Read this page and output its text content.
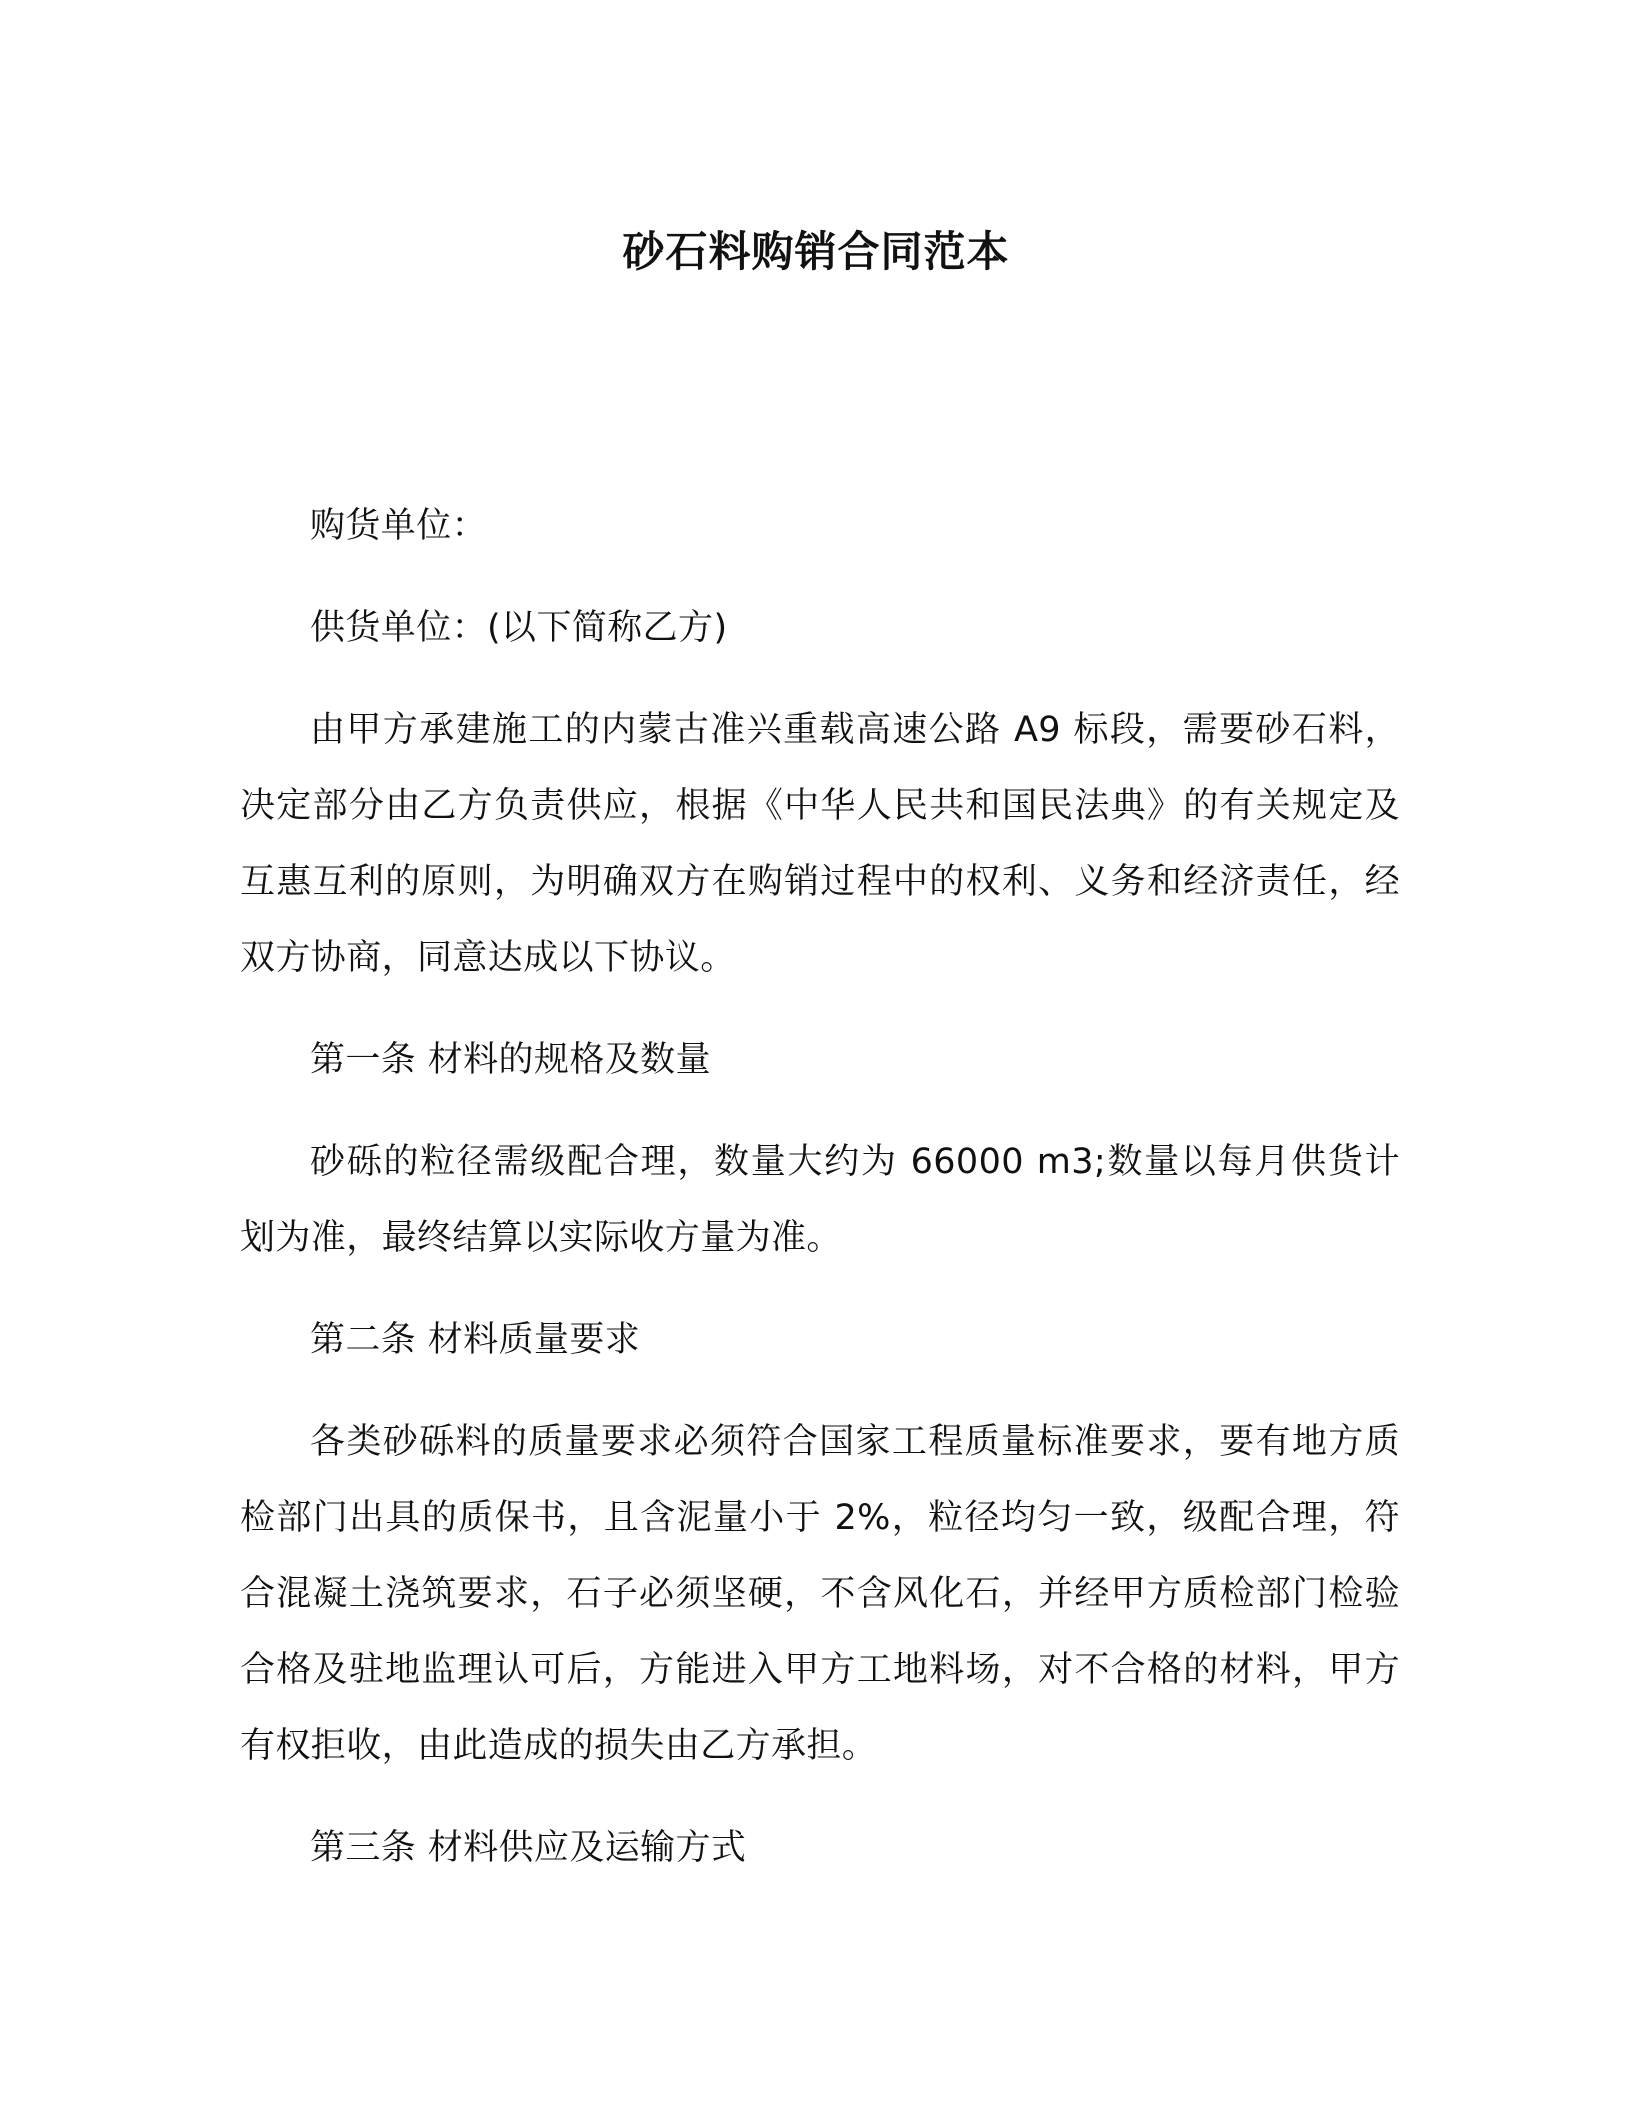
砂石料购销合同范本

购货单位：

供货单位：(以下简称乙方)

由甲方承建施工的内蒙古准兴重载高速公路 A9 标段，需要砂石料，决定部分由乙方负责供应，根据《中华人民共和国民法典》的有关规定及互惠互利的原则，为明确双方在购销过程中的权利、义务和经济责任，经双方协商，同意达成以下协议。

第一条 材料的规格及数量

砂砾的粒径需级配合理，数量大约为 66000 m3;数量以每月供货计划为准，最终结算以实际收方量为准。

第二条 材料质量要求

各类砂砾料的质量要求必须符合国家工程质量标准要求，要有地方质检部门出具的质保书，且含泥量小于 2%，粒径均匀一致，级配合理，符合混凝土浇筑要求，石子必须坚硬，不含风化石，并经甲方质检部门检验合格及驻地监理认可后，方能进入甲方工地料场，对不合格的材料，甲方有权拒收，由此造成的损失由乙方承担。

第三条 材料供应及运输方式
